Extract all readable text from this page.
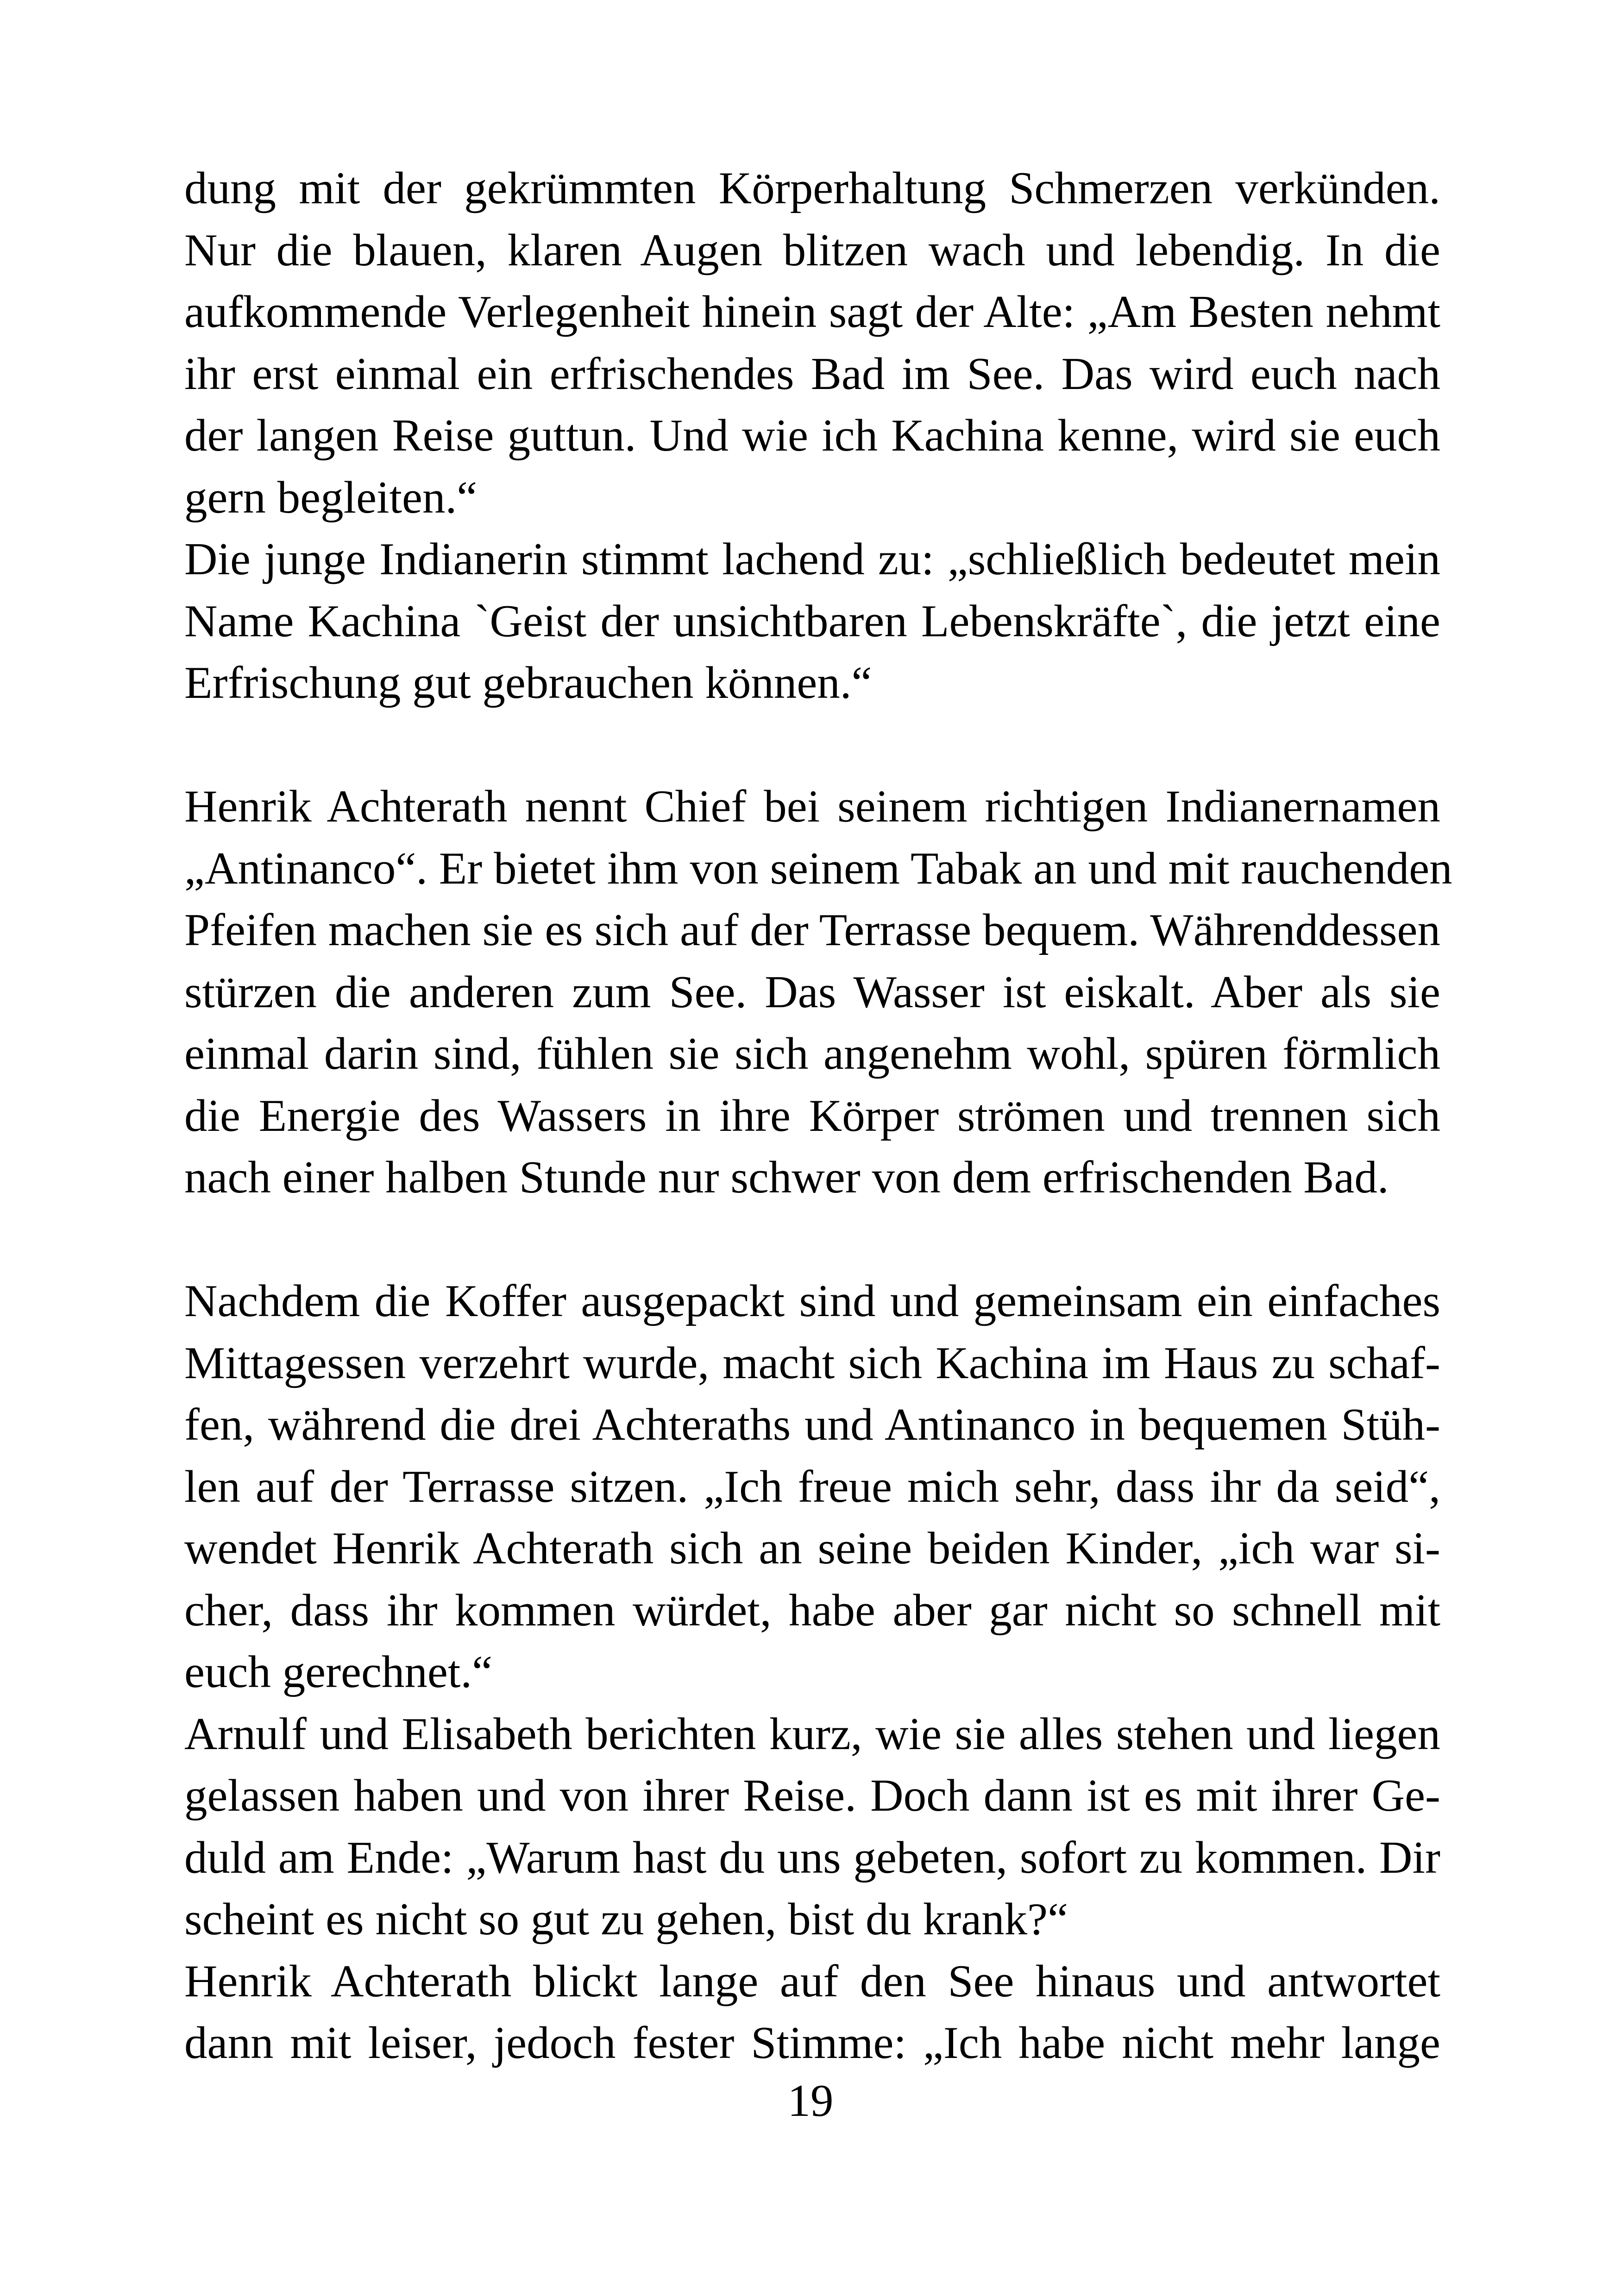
dung mit der gekrümmten Körperhaltung Schmerzen verkünden.
Nur die blauen, klaren Augen blitzen wach und lebendig. In die
aufkommende Verlegenheit hinein sagt der Alte: „Am Besten nehmt
ihr erst einmal ein erfrischendes Bad im See. Das wird euch nach
der langen Reise guttun. Und wie ich Kachina kenne, wird sie euch
gern begleiten.“
Die junge Indianerin stimmt lachend zu: „schließlich bedeutet mein
Name Kachina `Geist der unsichtbaren Lebenskräfte`, die jetzt eine
Erfrischung gut gebrauchen können.“
Henrik Achterath nennt Chief bei seinem richtigen Indianernamen
„Antinanco“. Er bietet ihm von seinem Tabak an und mit rauchenden
Pfeifen machen sie es sich auf der Terrasse bequem. Währenddessen
stürzen die anderen zum See. Das Wasser ist eiskalt. Aber als sie
einmal darin sind, fühlen sie sich angenehm wohl, spüren förmlich
die Energie des Wassers in ihre Körper strömen und trennen sich
nach einer halben Stunde nur schwer von dem erfrischenden Bad.
Nachdem die Koffer ausgepackt sind und gemeinsam ein einfaches
Mittagessen verzehrt wurde, macht sich Kachina im Haus zu schaf-
fen, während die drei Achteraths und Antinanco in bequemen Stüh-
len auf der Terrasse sitzen. „Ich freue mich sehr, dass ihr da seid“,
wendet Henrik Achterath sich an seine beiden Kinder, „ich war si-
cher, dass ihr kommen würdet, habe aber gar nicht so schnell mit
euch gerechnet.“
Arnulf und Elisabeth berichten kurz, wie sie alles stehen und liegen
gelassen haben und von ihrer Reise. Doch dann ist es mit ihrer Ge-
duld am Ende: „Warum hast du uns gebeten, sofort zu kommen. Dir
scheint es nicht so gut zu gehen, bist du krank?“
Henrik Achterath blickt lange auf den See hinaus und antwortet
dann mit leiser, jedoch fester Stimme: „Ich habe nicht mehr lange
19
